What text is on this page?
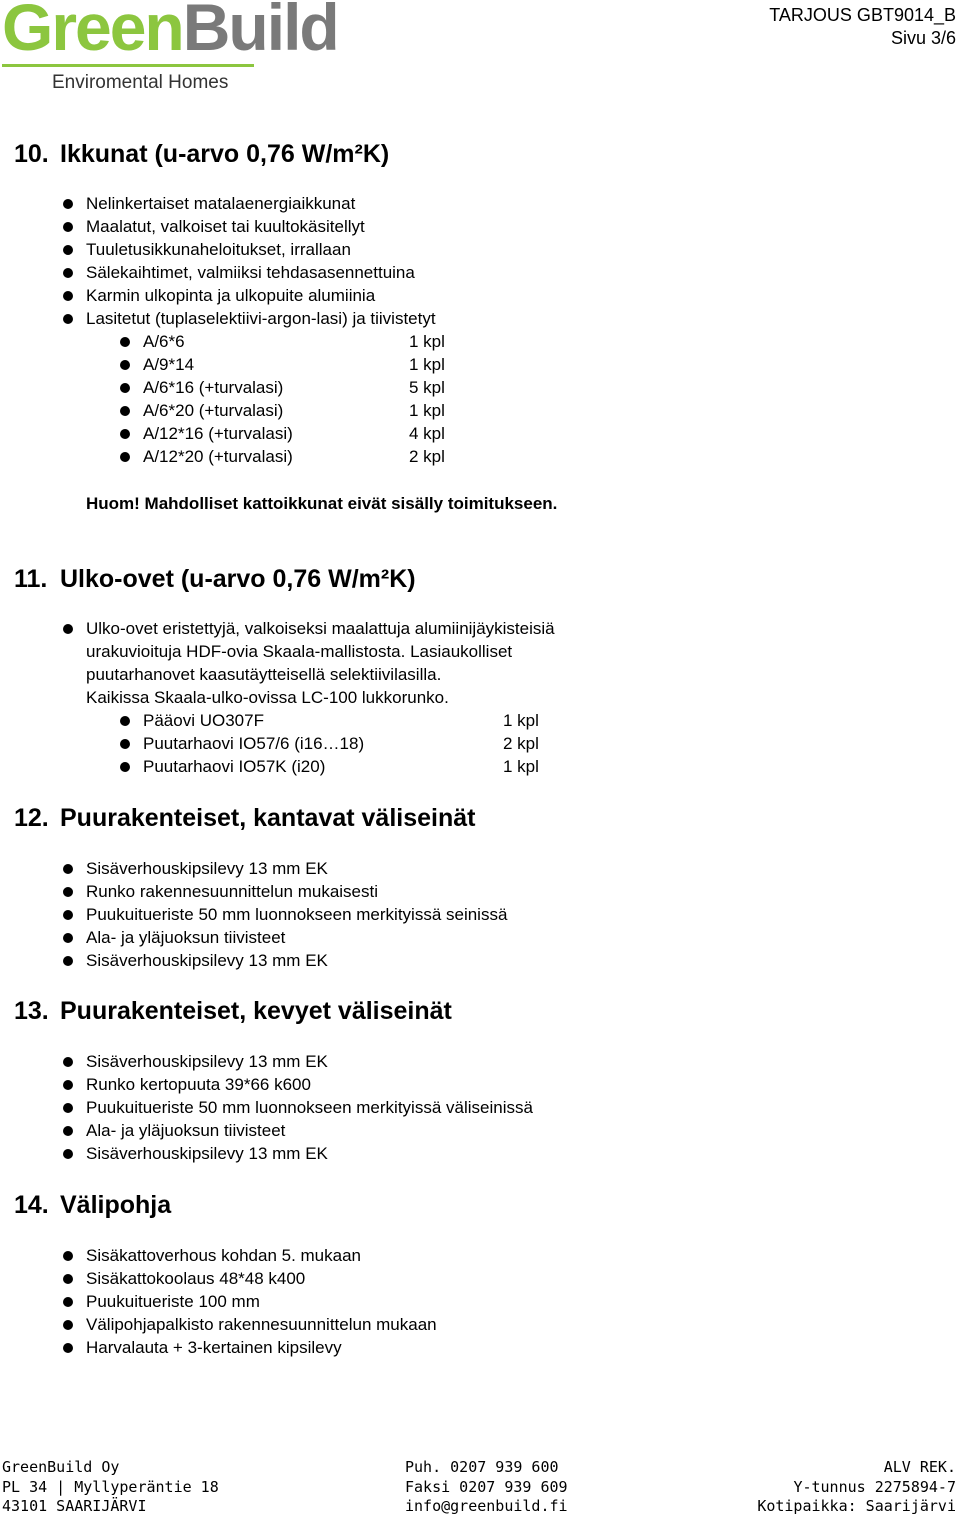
GreenBuild
Enviromental Homes
TARJOUS GBT9014_B
Sivu 3/6
10. Ikkunat (u-arvo 0,76 W/m²K)
Nelinkertaiset matalaenergiaikkunat
Maalatut, valkoiset tai kuultokäsitellyt
Tuuletusikkunaheloitukset, irrallaan
Sälekaihtimet, valmiiksi tehdasasennettuina
Karmin ulkopinta ja ulkopuite alumiinia
Lasitetut (tuplaselektiivi-argon-lasi) ja tiivistetyt
A/6*6	1 kpl
A/9*14	1 kpl
A/6*16 (+turvalasi)	5 kpl
A/6*20 (+turvalasi)	1 kpl
A/12*16 (+turvalasi)	4 kpl
A/12*20 (+turvalasi)	2 kpl
Huom! Mahdolliset kattoikkunat eivät sisälly toimitukseen.
11. Ulko-ovet (u-arvo 0,76 W/m²K)
Ulko-ovet eristettyjä, valkoiseksi maalattuja alumiinijäykisteisiä
urakuvioituja HDF-ovia Skaala-mallistosta. Lasiaukolliset
puutarhanovet kaasutäytteisellä selektiivilasilla.
Kaikissa Skaala-ulko-ovissa LC-100 lukkorunko.
Pääovi UO307F	1 kpl
Puutarhaovi IO57/6 (i16…18)	2 kpl
Puutarhaovi IO57K (i20)	1 kpl
12. Puurakenteiset, kantavat väliseinät
Sisäverhouskipsilevy 13 mm EK
Runko rakennesuunnittelun mukaisesti
Puukuitueriste 50 mm luonnokseen merkityissä seinissä
Ala- ja yläjuoksun tiivisteet
Sisäverhouskipsilevy 13 mm EK
13. Puurakenteiset, kevyet väliseinät
Sisäverhouskipsilevy 13 mm EK
Runko kertopuuta 39*66 k600
Puukuitueriste 50 mm luonnokseen merkityissä väliseinissä
Ala- ja yläjuoksun tiivisteet
Sisäverhouskipsilevy 13 mm EK
14. Välipohja
Sisäkattoverhous kohdan 5. mukaan
Sisäkattokoolaus 48*48 k400
Puukuitueriste 100 mm
Välipohjapalkisto rakennesuunnittelun mukaan
Harvalauta + 3-kertainen kipsilevy
GreenBuild Oy
PL 34 | Myllyperäntie 18
43101 SAARIJÄRVI
Puh. 0207 939 600
Faksi 0207 939 609
info@greenbuild.fi
ALV REK.
Y-tunnus 2275894-7
Kotipaikka: Saarijärvi
